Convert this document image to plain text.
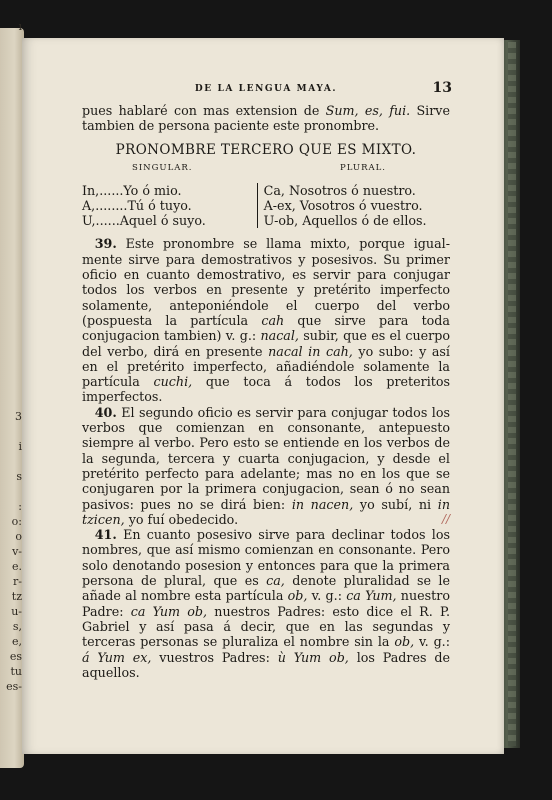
ı
3
i
s
:
o:
o
v-
e.
r-
tz
u-
s,
e,
es
tu
es-
DE LA LENGUA MAYA.	13

pues hablaré con mas extension de Sum, es, fui. Sirve tambien de persona paciente este pronombre.

PRONOMBRE TERCERO QUE ES MIXTO.
SINGULAR.	PLURAL.
In,......Yo ó mio.
A,........Tú ó tuyo.
U,......Aquel ó suyo.
Ca, Nosotros ó nuestro.
A-ex, Vosotros ó vuestro.
U-ob, Aquellos ó de ellos.

 39. Este pronombre se llama mixto, porque igualmente sirve para demostrativos y posesivos. Su primer oficio en cuanto demostrativo, es servir para conjugar todos los verbos en presente y pretérito imperfecto solamente, anteponiéndole el cuerpo del verbo (pospuesta la partícula cah que sirve para toda conjugacion tambien) v. g.: nacal, subir, que es el cuerpo del verbo, dirá en presente nacal in cah, yo subo: y así en el pretérito imperfecto, añadiéndole solamente la partícula cuchi, que toca á todos los preteritos imperfectos.

 40. El segundo oficio es servir para conjugar todos los verbos que comienzan en consonante, antepuesto siempre al verbo. Pero esto se entiende en los verbos de la segunda, tercera y cuarta conjugacion, y desde el pretérito perfecto para adelante; mas no en los que se conjugaren por la primera conjugacion, sean ó no sean pasivos: pues no se dirá bien: in nacen, yo subí, ni in tzicen, yo fuí obedecido.

 41. En cuanto posesivo sirve para declinar todos los nombres, que así mismo comienzan en consonante. Pero solo denotando posesion y entonces para que la primera persona de plural, que es ca, denote pluralidad se le añade al nombre esta partícula ob, v. g.: ca Yum, nuestro Padre: ca Yum ob, nuestros Padres: esto dice el R. P. Gabriel y así pasa á decir, que en las segundas y terceras personas se pluraliza el nombre sin la ob, v. g.: á Yum ex, vuestros Padres: ù Yum ob, los Padres de aquellos.

//
